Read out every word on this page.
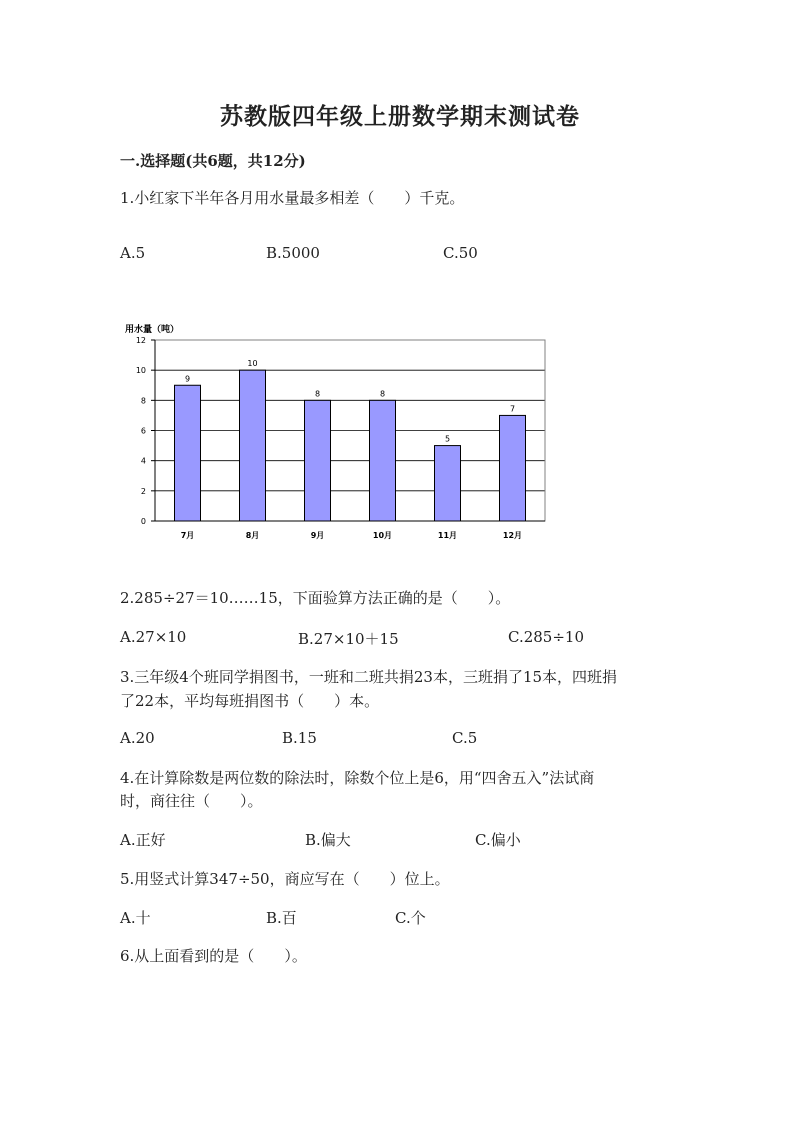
苏教版四年级上册数学期末测试卷
一.选择题(共6题，共12分)
1.小红家下半年各月用水量最多相差（　　）千克。
A.5	B.5000	C.50
用水量（吨）
0
2
4
6
8
10
12
7月	8月	9月	10月	11月	12月
9
10
8	8
5
7
2.285÷27＝10……15，下面验算方法正确的是（　　）。
A.27×10	B.27×10＋15	C.285÷10
3.三年级4个班同学捐图书，一班和二班共捐23本，三班捐了15本，四班捐
了22本，平均每班捐图书（　　）本。
A.20	B.15	C.5
4.在计算除数是两位数的除法时，除数个位上是6，用“四舍五入”法试商
时，商往往（　　）。
A.正好	B.偏大	C.偏小
5.用竖式计算347÷50，商应写在（　　）位上。
A.十	B.百	C.个
6.从上面看到的是（　　）。
